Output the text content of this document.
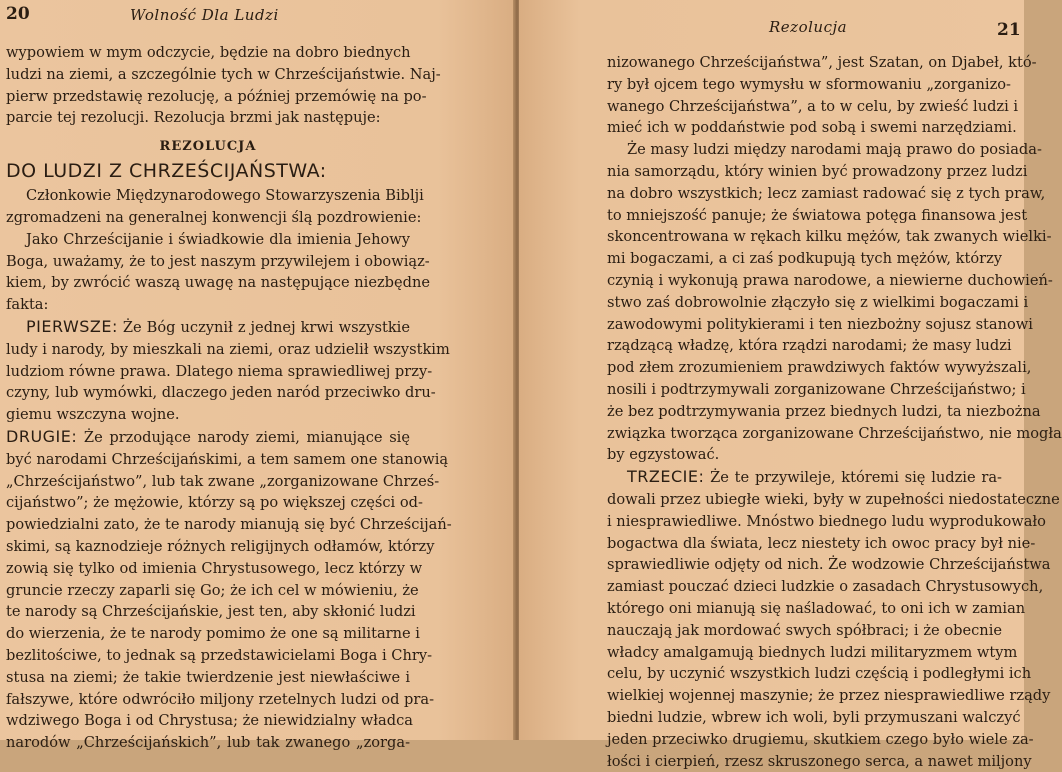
20	Wolność Dla Ludzi
wypowiem w mym odczycie, będzie na dobro biednych
ludzi na ziemi, a szczególnie tych w Chrześcijaństwie. Naj-
pierw przedstawię rezolucję, a później przemówię na po-
parcie tej rezolucji. Rezolucja brzmi jak następuje:
REZOLUCJA
DO LUDZI Z CHRZEŚCIJAŃSTWA:
Członkowie Międzynarodowego Stowarzyszenia Biblji
zgromadzeni na generalnej konwencji ślą pozdrowienie:
Jako Chrześcijanie i świadkowie dla imienia Jehowy
Boga, uważamy, że to jest naszym przywilejem i obowiąz-
kiem, by zwrócić waszą uwagę na następujące niezbędne
fakta:
PIERWSZE: Że Bóg uczynił z jednej krwi wszystkie
ludy i narody, by mieszkali na ziemi, oraz udzielił wszystkim
ludziom równe prawa. Dlatego niema sprawiedliwej przy-
czyny, lub wymówki, dlaczego jeden naród przeciwko dru-
giemu wszczyna wojne.
DRUGIE: Że przodujące narody ziemi, mianujące się
być narodami Chrześcijańskimi, a tem samem one stanowią
„Chrześcijaństwo”, lub tak zwane „zorganizowane Chrześ-
cijaństwo”; że mężowie, którzy są po większej części od-
powiedzialni zato, że te narody mianują się być Chrześcijań-
skimi, są kaznodzieje różnych religijnych odłamów, którzy
zowią się tylko od imienia Chrystusowego, lecz którzy w
gruncie rzeczy zaparli się Go; że ich cel w mówieniu, że
te narody są Chrześcijańskie, jest ten, aby skłonić ludzi
do wierzenia, że te narody pomimo że one są militarne i
bezlitościwe, to jednak są przedstawicielami Boga i Chry-
stusa na ziemi; że takie twierdzenie jest niewłaściwe i
fałszywe, które odwróciło miljony rzetelnych ludzi od pra-
wdziwego Boga i od Chrystusa; że niewidzialny władca
narodów „Chrześcijańskich”, lub tak zwanego „zorga-
Rezolucja	21
nizowanego Chrześcijaństwa”, jest Szatan, on Djabeł, któ-
ry był ojcem tego wymysłu w sformowaniu „zorganizo-
wanego Chrześcijaństwa”, a to w celu, by zwieść ludzi i
mieć ich w poddaństwie pod sobą i swemi narzędziami.
Że masy ludzi między narodami mają prawo do posiada-
nia samorządu, który winien być prowadzony przez ludzi
na dobro wszystkich; lecz zamiast radować się z tych praw,
to mniejszość panuje; że światowa potęga finansowa jest
skoncentrowana w rękach kilku mężów, tak zwanych wielki-
mi bogaczami, a ci zaś podkupują tych mężów, którzy
czynią i wykonują prawa narodowe, a niewierne duchowień-
stwo zaś dobrowolnie złączyło się z wielkimi bogaczami i
zawodowymi politykierami i ten niezbożny sojusz stanowi
rządzącą władzę, która rządzi narodami; że masy ludzi
pod złem zrozumieniem prawdziwych faktów wywyższali,
nosili i podtrzymywali zorganizowane Chrześcijaństwo; i
że bez podtrzymywania przez biednych ludzi, ta niezbożna
związka tworząca zorganizowane Chrześcijaństwo, nie mogła
by egzystować.
TRZECIE: Że te przywileje, któremi się ludzie ra-
dowali przez ubiegłe wieki, były w zupełności niedostateczne
i niesprawiedliwe. Mnóstwo biednego ludu wyprodukowało
bogactwa dla świata, lecz niestety ich owoc pracy był nie-
sprawiedliwie odjęty od nich. Że wodzowie Chrześcijaństwa
zamiast pouczać dzieci ludzkie o zasadach Chrystusowych,
którego oni mianują się naśladować, to oni ich w zamian
nauczają jak mordować swych spółbraci; i że obecnie
władcy amalgamują biednych ludzi militaryzmem wtym
celu, by uczynić wszystkich ludzi częścią i podległymi ich
wielkiej wojennej maszynie; że przez niesprawiedliwe rządy
biedni ludzie, wbrew ich woli, byli przymuszani walczyć
jeden przeciwko drugiemu, skutkiem czego było wiele za-
łości i cierpień, rzesz skruszonego serca, a nawet miljony
